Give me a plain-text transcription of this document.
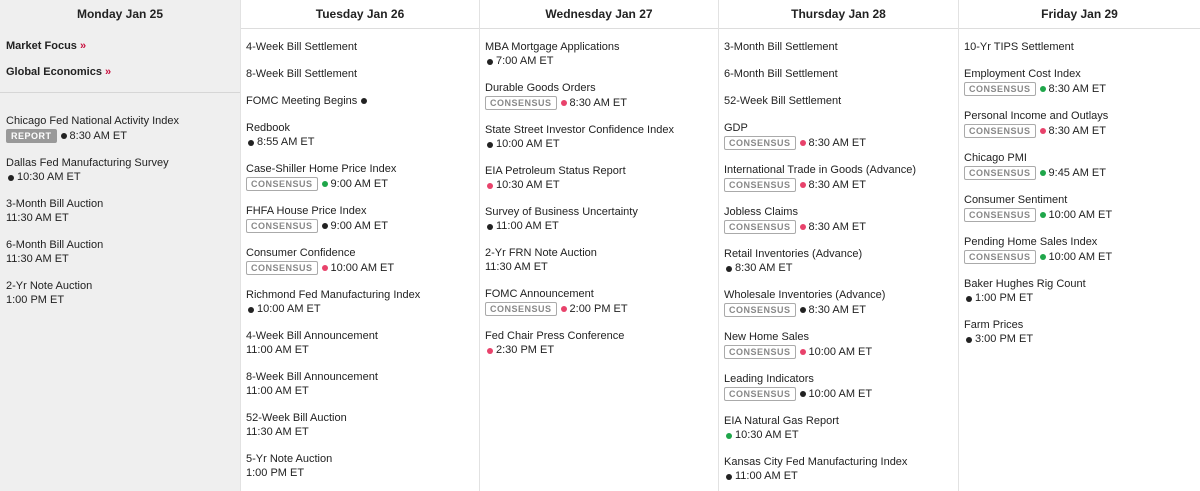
Monday Jan 25
Market Focus »
Global Economics »
Chicago Fed National Activity Index
REPORT	8:30 AM ET
Dallas Fed Manufacturing Survey
10:30 AM ET
3-Month Bill Auction
11:30 AM ET
6-Month Bill Auction
11:30 AM ET
2-Yr Note Auction
1:00 PM ET
Tuesday Jan 26
4-Week Bill Settlement
8-Week Bill Settlement
FOMC Meeting Begins
Redbook
8:55 AM ET
Case-Shiller Home Price Index
CONSENSUS	9:00 AM ET
FHFA House Price Index
CONSENSUS	9:00 AM ET
Consumer Confidence
CONSENSUS	10:00 AM ET
Richmond Fed Manufacturing Index
10:00 AM ET
4-Week Bill Announcement
11:00 AM ET
8-Week Bill Announcement
11:00 AM ET
52-Week Bill Auction
11:30 AM ET
5-Yr Note Auction
1:00 PM ET
Wednesday Jan 27
MBA Mortgage Applications
7:00 AM ET
Durable Goods Orders
CONSENSUS	8:30 AM ET
State Street Investor Confidence Index
10:00 AM ET
EIA Petroleum Status Report
10:30 AM ET
Survey of Business Uncertainty
11:00 AM ET
2-Yr FRN Note Auction
11:30 AM ET
FOMC Announcement
CONSENSUS	2:00 PM ET
Fed Chair Press Conference
2:30 PM ET
Thursday Jan 28
3-Month Bill Settlement
6-Month Bill Settlement
52-Week Bill Settlement
GDP
CONSENSUS	8:30 AM ET
International Trade in Goods (Advance)
CONSENSUS	8:30 AM ET
Jobless Claims
CONSENSUS	8:30 AM ET
Retail Inventories (Advance)
8:30 AM ET
Wholesale Inventories (Advance)
CONSENSUS	8:30 AM ET
New Home Sales
CONSENSUS	10:00 AM ET
Leading Indicators
CONSENSUS	10:00 AM ET
EIA Natural Gas Report
10:30 AM ET
Kansas City Fed Manufacturing Index
11:00 AM ET
Friday Jan 29
10-Yr TIPS Settlement
Employment Cost Index
CONSENSUS	8:30 AM ET
Personal Income and Outlays
CONSENSUS	8:30 AM ET
Chicago PMI
CONSENSUS	9:45 AM ET
Consumer Sentiment
CONSENSUS	10:00 AM ET
Pending Home Sales Index
CONSENSUS	10:00 AM ET
Baker Hughes Rig Count
1:00 PM ET
Farm Prices
3:00 PM ET
